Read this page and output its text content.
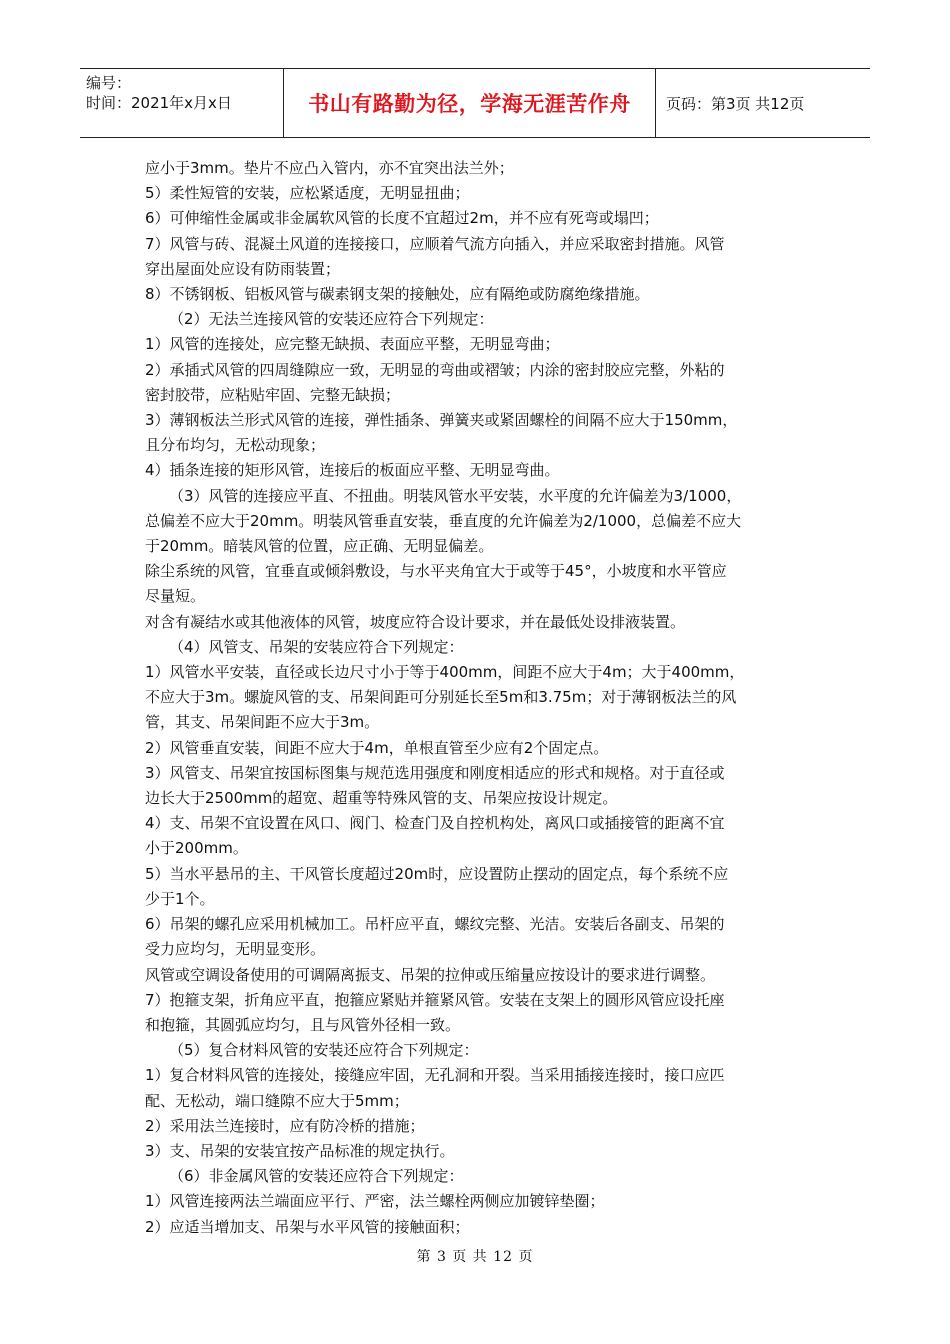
编号：
时间：2021年x月x日	书山有路勤为径，学海无涯苦作舟	页码：第3页 共12页

应小于3mm。垫片不应凸入管内，亦不宜突出法兰外；

5）柔性短管的安装，应松紧适度，无明显扭曲；

6）可伸缩性金属或非金属软风管的长度不宜超过2m，并不应有死弯或塌凹；

7）风管与砖、混凝土风道的连接接口，应顺着气流方向插入，并应采取密封措施。风管

穿出屋面处应设有防雨装置；

8）不锈钢板、铝板风管与碳素钢支架的接触处，应有隔绝或防腐绝缘措施。

（2）无法兰连接风管的安装还应符合下列规定：

1）风管的连接处，应完整无缺损、表面应平整，无明显弯曲；

2）承插式风管的四周缝隙应一致，无明显的弯曲或褶皱；内涂的密封胶应完整，外粘的

密封胶带，应粘贴牢固、完整无缺损；

3）薄钢板法兰形式风管的连接，弹性插条、弹簧夹或紧固螺栓的间隔不应大于150mm，

且分布均匀，无松动现象；

4）插条连接的矩形风管，连接后的板面应平整、无明显弯曲。

（3）风管的连接应平直、不扭曲。明装风管水平安装，水平度的允许偏差为3/1000，

总偏差不应大于20mm。明装风管垂直安装，垂直度的允许偏差为2/1000，总偏差不应大

于20mm。暗装风管的位置，应正确、无明显偏差。

除尘系统的风管，宜垂直或倾斜敷设，与水平夹角宜大于或等于45°，小坡度和水平管应

尽量短。

对含有凝结水或其他液体的风管，坡度应符合设计要求，并在最低处设排液装置。

（4）风管支、吊架的安装应符合下列规定：

1）风管水平安装，直径或长边尺寸小于等于400mm，间距不应大于4m；大于400mm，

不应大于3m。螺旋风管的支、吊架间距可分别延长至5m和3.75m；对于薄钢板法兰的风

管，其支、吊架间距不应大于3m。

2）风管垂直安装，间距不应大于4m，单根直管至少应有2个固定点。

3）风管支、吊架宜按国标图集与规范选用强度和刚度相适应的形式和规格。对于直径或

边长大于2500mm的超宽、超重等特殊风管的支、吊架应按设计规定。

4）支、吊架不宜设置在风口、阀门、检查门及自控机构处，离风口或插接管的距离不宜

小于200mm。

5）当水平悬吊的主、干风管长度超过20m时，应设置防止摆动的固定点，每个系统不应

少于1个。

6）吊架的螺孔应采用机械加工。吊杆应平直，螺纹完整、光洁。安装后各副支、吊架的

受力应均匀，无明显变形。

风管或空调设备使用的可调隔离振支、吊架的拉伸或压缩量应按设计的要求进行调整。

7）抱箍支架，折角应平直，抱箍应紧贴并箍紧风管。安装在支架上的圆形风管应设托座

和抱箍，其圆弧应均匀，且与风管外径相一致。

（5）复合材料风管的安装还应符合下列规定：

1）复合材料风管的连接处，接缝应牢固，无孔洞和开裂。当采用插接连接时，接口应匹

配、无松动，端口缝隙不应大于5mm；

2）采用法兰连接时，应有防冷桥的措施；

3）支、吊架的安装宜按产品标准的规定执行。

（6）非金属风管的安装还应符合下列规定：

1）风管连接两法兰端面应平行、严密，法兰螺栓两侧应加镀锌垫圈；

2）应适当增加支、吊架与水平风管的接触面积；

第 3 页 共 12 页
